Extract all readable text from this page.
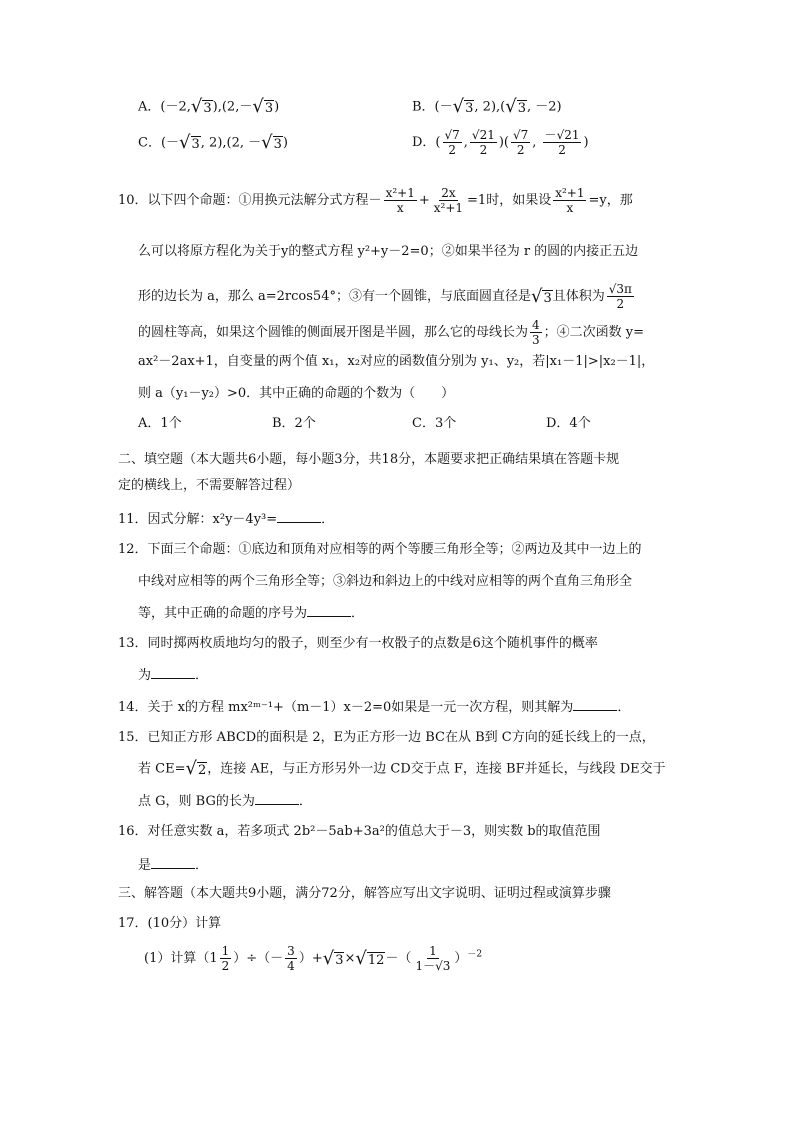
A．(－2, √ 3 ),(2,－ √ 3 )	B．(－ √ 3 , 2),( √ 3 , －2)
C．(－ √ 3 , 2),(2, － √ 3 )	D．( $\frac{√7}{2}$ , $\frac{√21}{2}$ )( $\frac{√7}{2}$ , $\frac{-√21}{2}$ )
10．以下四个命题：①用换元法解分式方程－ $\frac{\text{x²+1}}{x} + \frac{2x}{\text{x²+1}} =1$时，如果设 $\frac{\text{x²+1}}{x} =y$，那
么可以将原方程化为关于y的整式方程 y²+y－2=0；②如果半径为 r 的圆的内接正五边
形的边长为 a，那么 a=2rcos54°；③有一个圆锥，与底面圆直径是 √ 3 且体积为 $\frac{√3\pi}{2}$
的圆柱等高，如果这个圆锥的侧面展开图是半圆，那么它的母线长为 $\frac{4}{3}$ ；④二次函数 y=
ax²－2ax+1，自变量的两个值 x₁，x₂对应的函数值分别为 y₁、y₂，若|x₁－1|>|x₂－1|，
则 a（y₁－y₂）>0．其中正确的命题的个数为（　　）
A．1个	B．2个	C．3个	D．4个
二、填空题（本大题共6小题，每小题3分，共18分，本题要求把正确结果填在答题卡规
定的横线上，不需要解答过程）
11．因式分解：x²y－4y³=	．
12．下面三个命题：①底边和顶角对应相等的两个等腰三角形全等；②两边及其中一边上的
中线对应相等的两个三角形全等；③斜边和斜边上的中线对应相等的两个直角三角形全
等，其中正确的命题的序号为	．
13．同时掷两枚质地均匀的骰子，则至少有一枚骰子的点数是6这个随机事件的概率
为	．
14．关于 x的方程 mx²ᵐ⁻¹+（m－1）x－2=0如果是一元一次方程，则其解为	．
15．已知正方形 ABCD的面积是 2，E为正方形一边 BC在从 B到 C方向的延长线上的一点，
若 CE= √ 2 ，连接 AE，与正方形另外一边 CD交于点 F，连接 BF并延长，与线段 DE交于
点 G，则 BG的长为	．
16．对任意实数 a，若多项式 2b²－5ab+3a²的值总大于－3，则实数 b的取值范围
是	．
三、解答题（本大题共9小题，满分72分，解答应写出文字说明、证明过程或演算步骤
17．(10分）计算
(1）计算（$1 \frac{1}{2}$ ）÷（－ $\frac{3}{4}$ ）+ √ 3 × √ 12 －（ $\frac{1}{1-√3} )^{-2}$
